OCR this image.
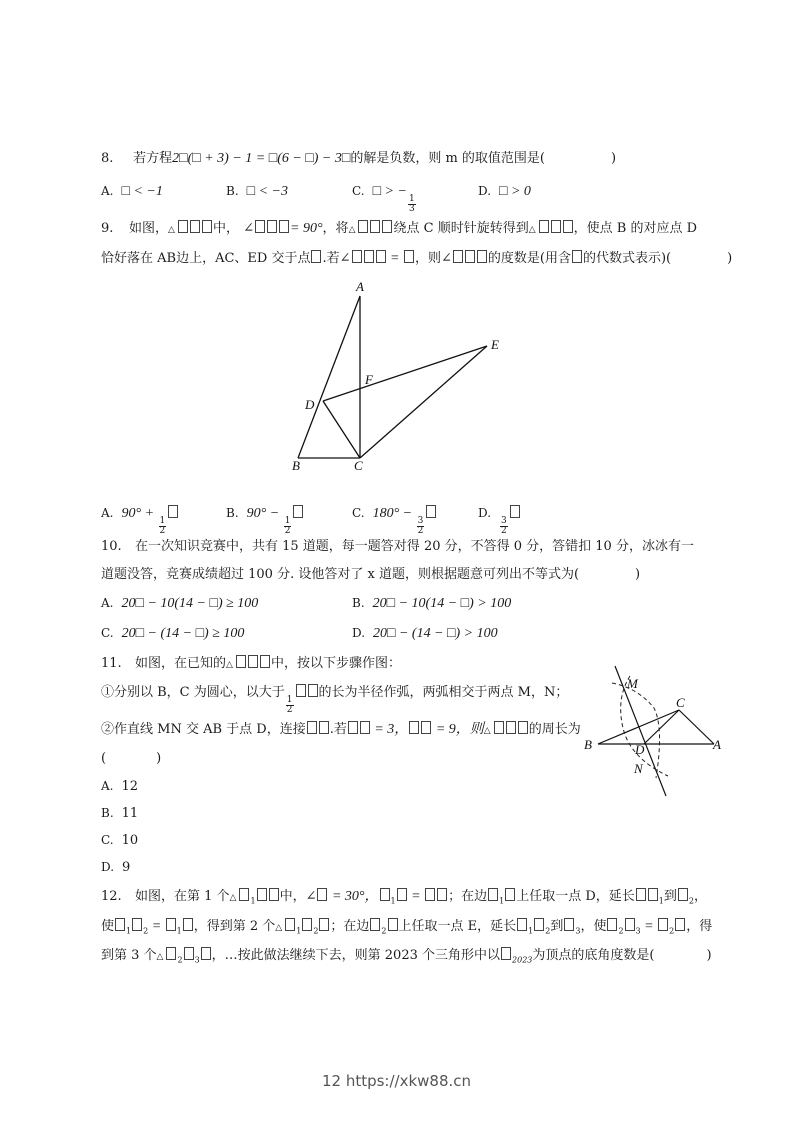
8. 若方程2□(□ + 3) − 1 = □(6 − □) − 3□的解是负数，则 m 的取值范围是(	)
A. □ < −1	B. □ < −3	C. □ > −
$\frac{1}{3}$
D. □ > 0
9. 如图，△	中， ∠	= 90°，将△	绕点 C 顺时针旋转得到△	，使点 B 的对应点 D
恰好落在 AB边上，AC、ED 交于点 .若∠	= ，则∠	的度数是(用含 的代数式表示)(	)
A
B	C
D
E
F
A. 90° +
$\frac{1}{2}$
B. 90° −
$\frac{1}{2}$
C. 180° −
$\frac{3}{2}$
D.
$\frac{3}{2}$
10. 在一次知识竞赛中，共有 15 道题，每一题答对得 20 分，不答得 0 分，答错扣 10 分，冰冰有一
道题没答，竞赛成绩超过 100 分. 设他答对了 x 道题，则根据题意可列出不等式为(	)
A. 20□ − 10(14 − □) ≥ 100	B. 20□ − 10(14 − □) > 100
C. 20□ − (14 − □) ≥ 100	D. 20□ − (14 − □) > 100
11. 如图，在已知的△	中，按以下步骤作图：
①分别以 B，C 为圆心，以大于
$\frac{1}{2}$
的长为半径作弧，两弧相交于两点 M，N；
②作直线 MN 交 AB 于点 D，连接 .若 = 3， = 9，则△	的周长为
(	)
M
N
B
C
D	A
A. 12
B. 11
C. 10
D. 9
12. 如图，在第 1 个△ $_1$ 中，∠ = 30°， $_1$ = ；在边 $_1$ 上任取一点 D，延长	$_1$到 $_2$，
使 $_1$ $_2$ = $_1$ ，得到第 2 个△ $_1$ $_2$ ；在边 $_2$ 上任取一点 E，延长 $_1$ $_2$到 $_3$，使 $_2$ $_3$ = $_2$ ，得
到第 3 个△ $_2$ $_3$ ，…按此做法继续下去，则第 2023 个三角形中以 $_{2023}$为顶点的底角度数是(	)
12 https://xkw88.cn
